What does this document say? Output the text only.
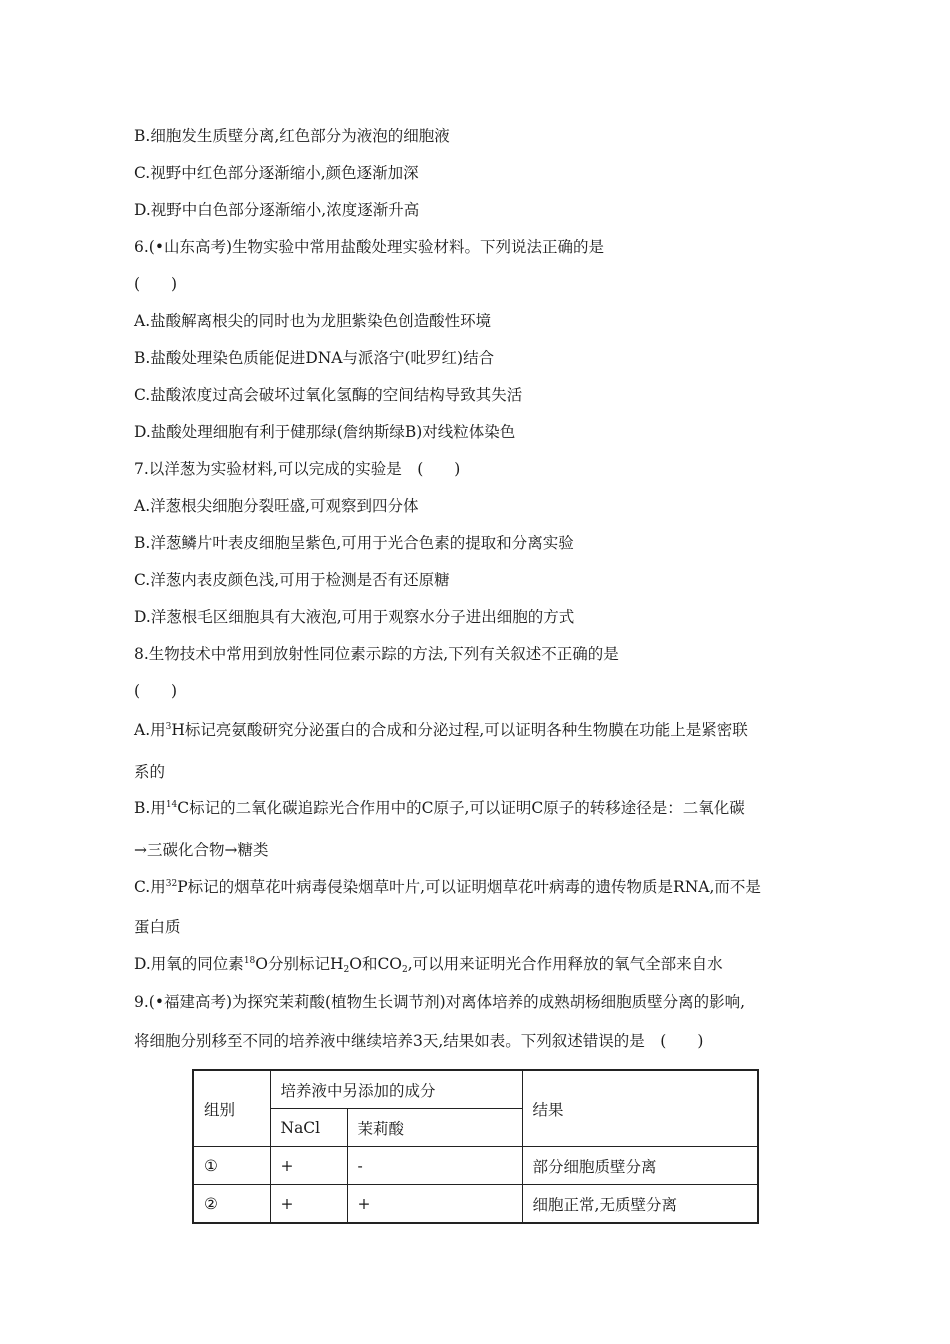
B.细胞发生质壁分离,红色部分为液泡的细胞液
C.视野中红色部分逐渐缩小,颜色逐渐加深
D.视野中白色部分逐渐缩小,浓度逐渐升高
6.(•山东高考)生物实验中常用盐酸处理实验材料。下列说法正确的是
(　　)
A.盐酸解离根尖的同时也为龙胆紫染色创造酸性环境
B.盐酸处理染色质能促进DNA与派洛宁(吡罗红)结合
C.盐酸浓度过高会破坏过氧化氢酶的空间结构导致其失活
D.盐酸处理细胞有利于健那绿(詹纳斯绿B)对线粒体染色
7.以洋葱为实验材料,可以完成的实验是　(　　)
A.洋葱根尖细胞分裂旺盛,可观察到四分体
B.洋葱鳞片叶表皮细胞呈紫色,可用于光合色素的提取和分离实验
C.洋葱内表皮颜色浅,可用于检测是否有还原糖
D.洋葱根毛区细胞具有大液泡,可用于观察水分子进出细胞的方式
8.生物技术中常用到放射性同位素示踪的方法,下列有关叙述不正确的是
(　　)
A.用$^3$H标记亮氨酸研究分泌蛋白的合成和分泌过程,可以证明各种生物膜在功能上是紧密联
系的
B.用$^{14}$C标记的二氧化碳追踪光合作用中的C原子,可以证明C原子的转移途径是：二氧化碳
→三碳化合物→糖类
C.用$^{32}$P标记的烟草花叶病毒侵染烟草叶片,可以证明烟草花叶病毒的遗传物质是RNA,而不是
蛋白质
D.用氧的同位素$^{18}$O分别标记$H_2O$和$CO_2$,可以用来证明光合作用释放的氧气全部来自水
9.(•福建高考)为探究茉莉酸(植物生长调节剂)对离体培养的成熟胡杨细胞质壁分离的影响,
将细胞分别移至不同的培养液中继续培养3天,结果如表。下列叙述错误的是　(　　)
组别	培养液中另添加的成分		结果
	NaCl	茉莉酸	
①	+	-	部分细胞质壁分离
②	+	+	细胞正常,无质壁分离
